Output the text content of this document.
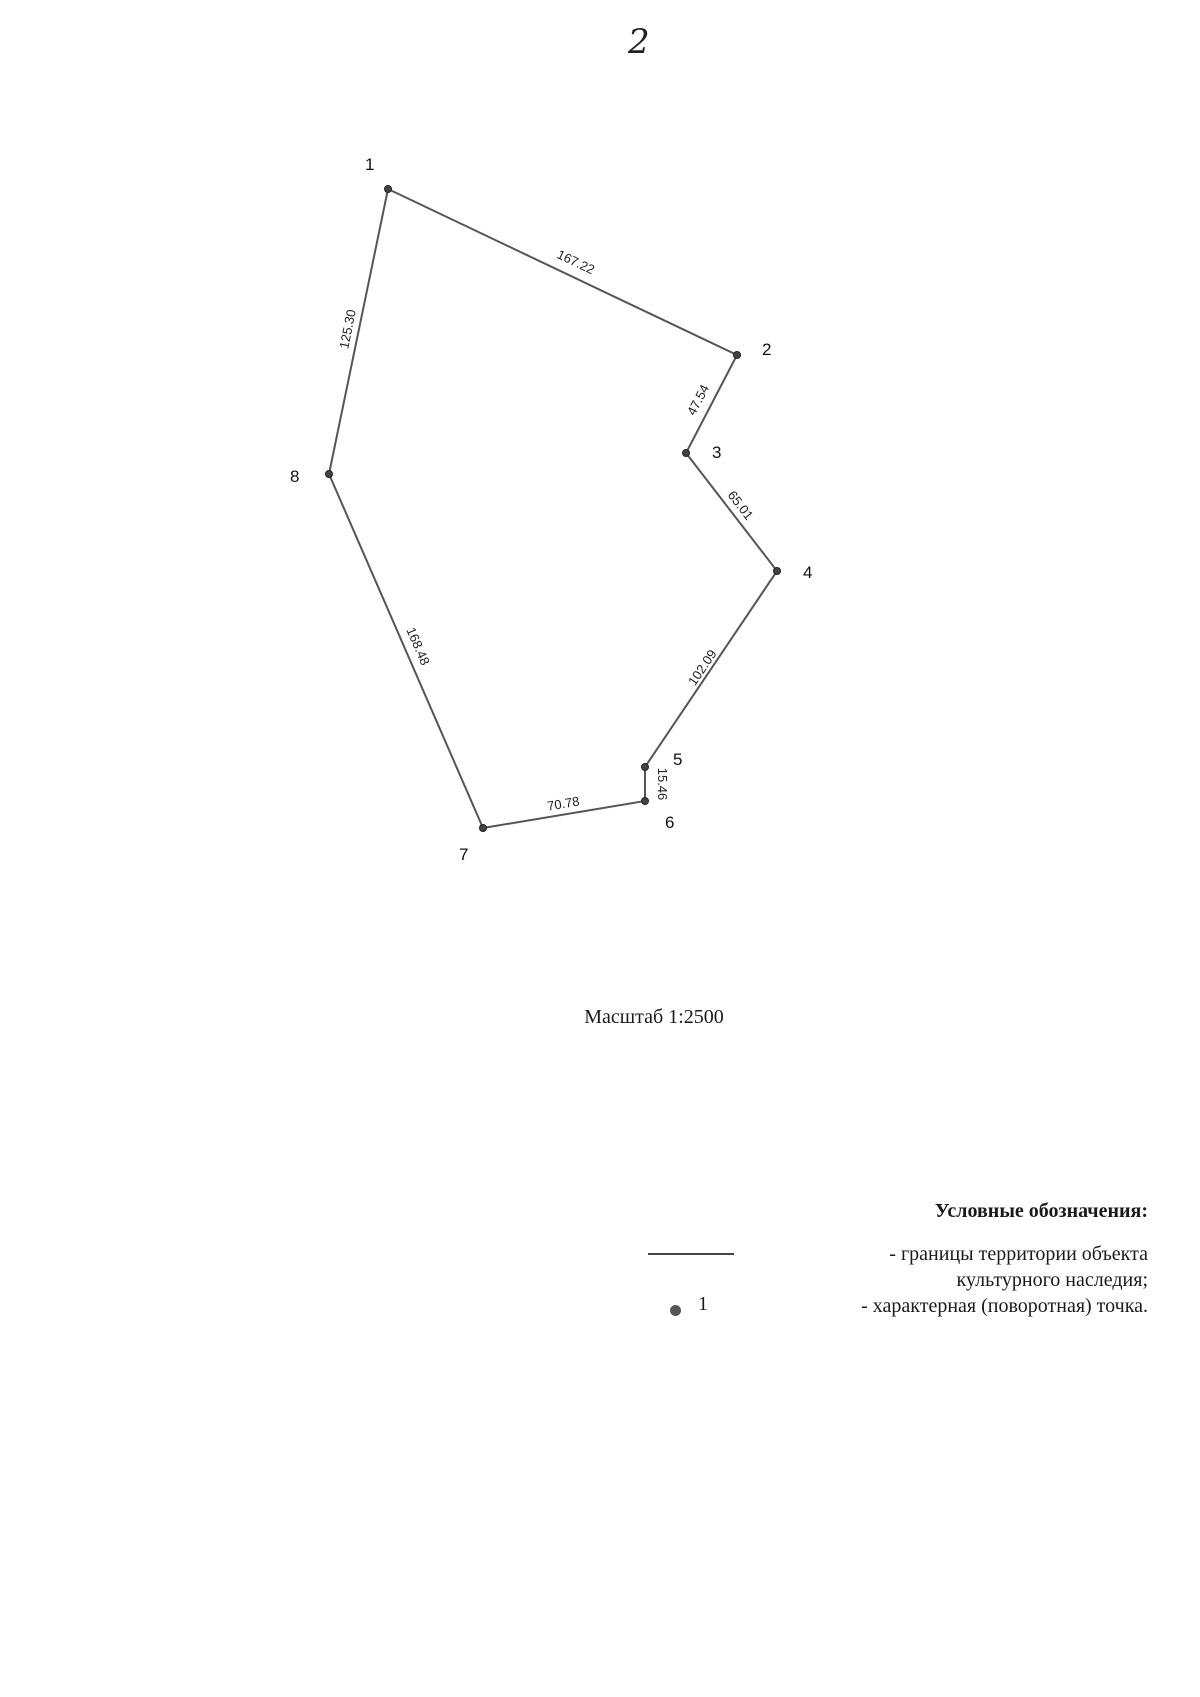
2
1
2
3
4
5
6
7
8
167.22
47.54
65.01
102.09
15.46
70.78
168.48
125.30
Масштаб 1:2500
Условные обозначения:
- границы территории объекта
культурного наследия;
1	- характерная (поворотная) точка.
